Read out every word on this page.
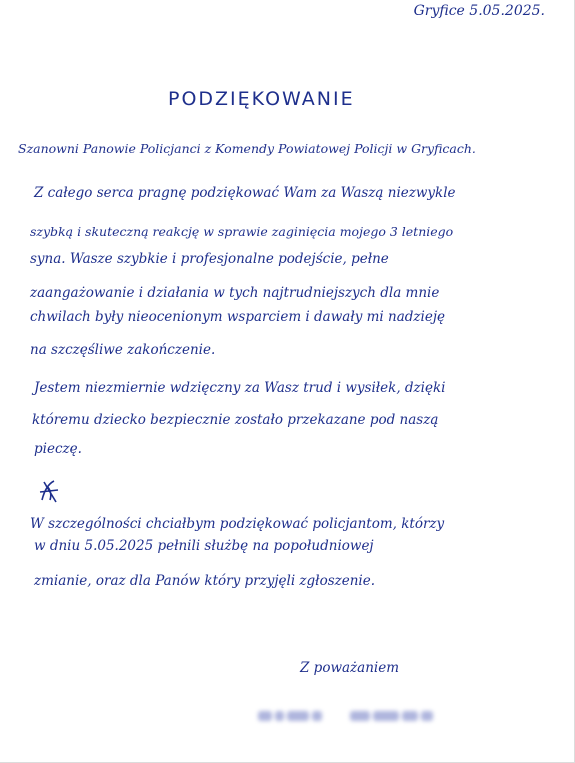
Gryfice 5.05.2025.
PODZIĘKOWANIE
Szanowni Panowie Policjanci z Komendy Powiatowej Policji w Gryficach.
Z całego serca pragnę podziękować Wam za Waszą niezwykle
szybką i skuteczną reakcję w sprawie zaginięcia mojego 3 letniego
syna. Wasze szybkie i profesjonalne podejście, pełne
zaangażowanie i działania w tych najtrudniejszych dla mnie
chwilach były nieocenionym wsparciem i dawały mi nadzieję
na szczęśliwe zakończenie.
Jestem niezmiernie wdzięczny za Wasz trud i wysiłek, dzięki
któremu dziecko bezpiecznie zostało przekazane pod naszą
pieczę.
W szczególności chciałbym podziękować policjantom, którzy
w dniu 5.05.2025 pełnili służbę na popołudniowej
zmianie, oraz dla Panów który przyjęli zgłoszenie.
Z poważaniem
